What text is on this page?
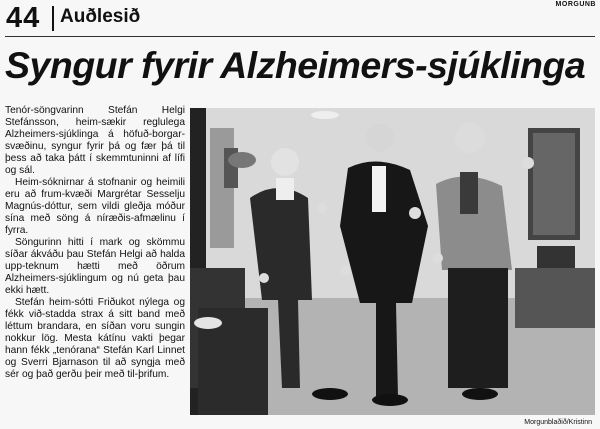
44 Auðlesið
MORGUNB
Syngur fyrir Alzheimers-sjúklinga

Tenór-söngvarinn Stefán Helgi Stefánsson, heim-sækir reglulega Alzheimers-sjúklinga á höfuð-borgar-svæðinu, syngur fyrir þá og fær þá til þess að taka þátt í skemmtuninni af lífi og sál.

Heim-sóknirnar á stofnanir og heimili eru að frum-kvæði Margrétar Sesselju Magnús-dóttur, sem vildi gleðja móður sína með söng á níræðis-afmælinu í fyrra.

Söngurinn hitti í mark og skömmu síðar ákváðu þau Stefán Helgi að halda upp-teknum hætti með öðrum Alzheimers-sjúklingum og nú geta þau ekki hætt.

Stefán heim-sótti Friðukot nýlega og fékk við-stadda strax á sitt band með léttum brandara, en síðan voru sungin nokkur lög. Mesta kátínu vakti þegar hann fékk „tenórana“ Stefán Karl Linnet og Sverri Bjarnason til að syngja með sér og það gerðu þeir með til-þrifum.

Morgunblaðið/Kristinn
